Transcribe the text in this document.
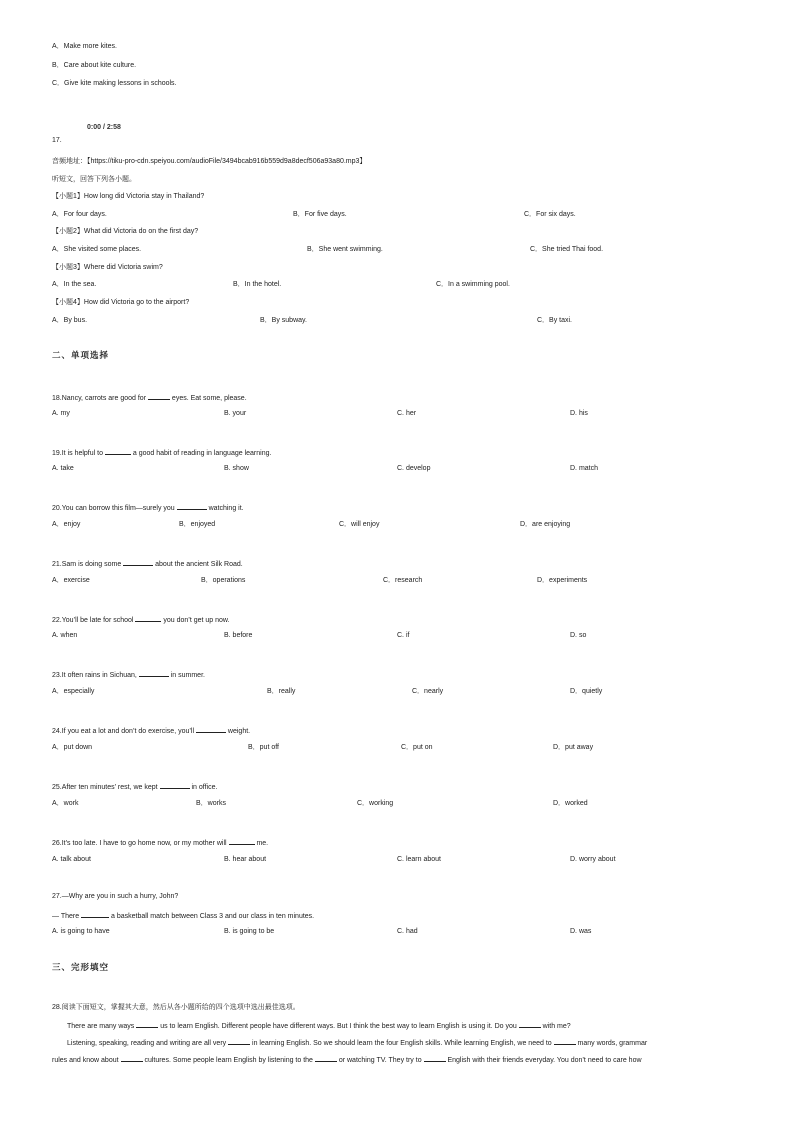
A．Make more kites.
B．Care about kite culture.
C．Give kite making lessons in schools.
0:00 / 2:58
17.
音频地址：【https://tiku-pro-cdn.speiyou.com/audioFile/3494bcab916b559d9a8decf506a93a80.mp3】
听短文，回答下列各小题。
【小题1】How long did Victoria stay in Thailand?
A．For four days.	B．For five days.	C．For six days.
【小题2】What did Victoria do on the first day?
A．She visited some places.	B．She went swimming.	C．She tried Thai food.
【小题3】Where did Victoria swim?
A．In the sea.	B．In the hotel.	C．In a swimming pool.
【小题4】How did Victoria go to the airport?
A．By bus.	B．By subway.	C．By taxi.
二、单项选择
18.Nancy, carrots are good for	eyes. Eat some, please.
A. my	B. your	C. her	D. his
19.It is helpful to	a good habit of reading in language learning.
A. take	B. show	C. develop	D. match
20.You can borrow this film—surely you	watching it.
A．enjoy	B．enjoyed	C．will enjoy	D．are enjoying
21.Sam is doing some	about the ancient Silk Road.
A．exercise	B．operations	C．research	D．experiments
22.You’ll be late for school	you don’t get up now.
A. when	B. before	C. if	D. so
23.It often rains in Sichuan,	in summer.
A．especially	B．really	C．nearly	D．quietly
24.If you eat a lot and don’t do exercise, you’ll	weight.
A．put down	B．put off	C．put on	D．put away
25.After ten minutes’ rest, we kept	in office.
A．work	B．works	C．working	D．worked
26.It’s too late. I have to go home now, or my mother will	me.
A. talk about	B. hear about	C. learn about	D. worry about
27.—Why are you in such a hurry, John?
— There	a basketball match between Class 3 and our class in ten minutes.
A. is going to have	B. is going to be	C. had	D. was
三、完形填空
28.阅读下面短文，掌握其大意，然后从各小题所给的四个选项中选出最佳选项。
There are many ways	us to learn English. Different people have different ways. But I think the best way to learn English is using it. Do you	with me?
Listening, speaking, reading and writing are all very	in learning English. So we should learn the four English skills. While learning English, we need to	many words, grammar
rules and know about	cultures. Some people learn English by listening to the	or watching TV. They try to	English with their friends everyday. You don’t need to care how
